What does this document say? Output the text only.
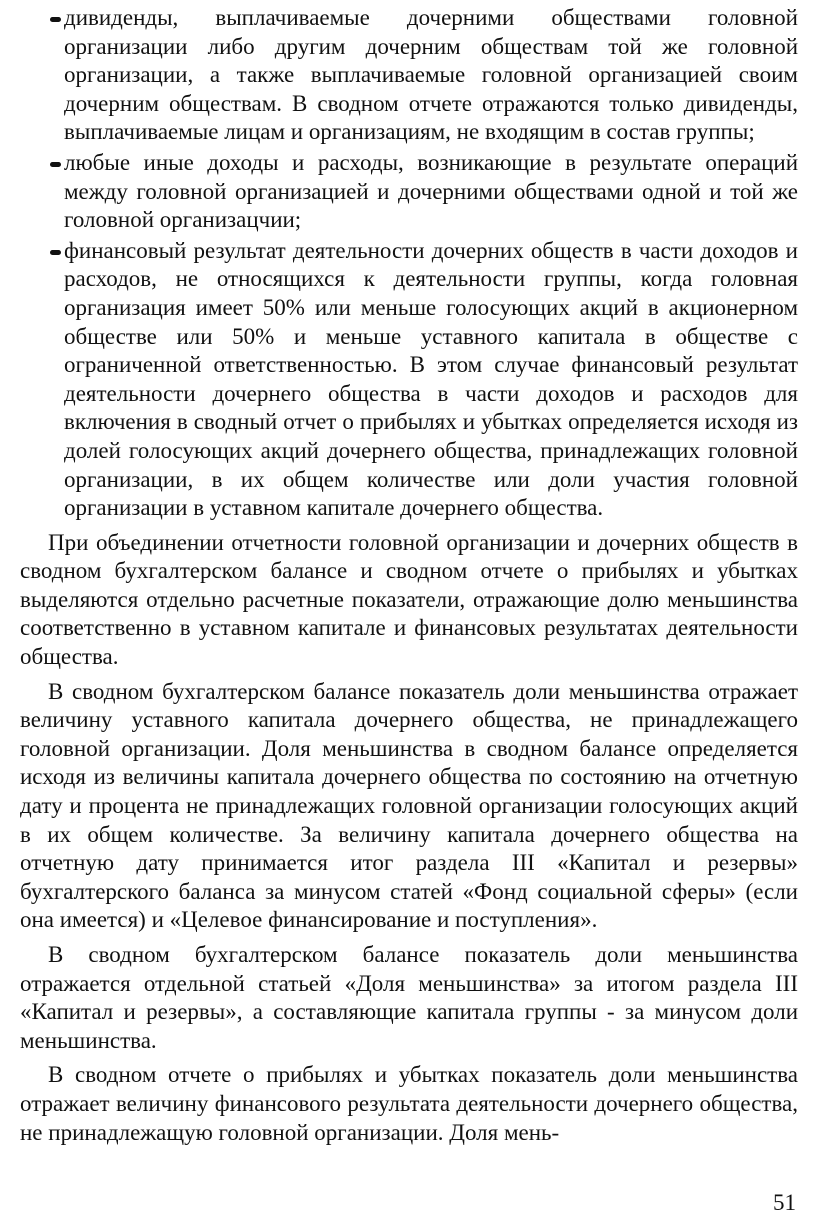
дивиденды, выплачиваемые дочерними обществами головной организации либо другим дочерним обществам той же головной организации, а также выплачиваемые головной организацией своим дочерним обществам. В сводном отчете отражаются только дивиденды, выплачиваемые лицам и организациям, не входящим в состав группы;
любые иные доходы и расходы, возникающие в результате операций между головной организацией и дочерними обществами одной и той же головной организацчии;
финансовый результат деятельности дочерних обществ в части доходов и расходов, не относящихся к деятельности группы, когда головная организация имеет 50% или меньше голосующих акций в акционерном обществе или 50% и меньше уставного капитала в обществе с ограниченной ответственностью. В этом случае финансовый результат деятельности дочернего общества в части доходов и расходов для включения в сводный отчет о прибылях и убытках определяется исходя из долей голосующих акций дочернего общества, принадлежащих головной организации, в их общем количестве или доли участия головной организации в уставном капитале дочернего общества.

При объединении отчетности головной организации и дочерних обществ в сводном бухгалтерском балансе и сводном отчете о прибылях и убытках выделяются отдельно расчетные показатели, отражающие долю меньшинства соответственно в уставном капитале и финансовых результатах деятельности общества.

В сводном бухгалтерском балансе показатель доли меньшинства отражает величину уставного капитала дочернего общества, не принадлежащего головной организации. Доля меньшинства в сводном балансе определяется исходя из величины капитала дочернего общества по состоянию на отчетную дату и процента не принадлежащих головной организации голосующих акций в их общем количестве. За величину капитала дочернего общества на отчетную дату принимается итог раздела III «Капитал и резервы» бухгалтерского баланса за минусом статей «Фонд социальной сферы» (если она имеется) и «Целевое финансирование и поступления».

В сводном бухгалтерском балансе показатель доли меньшинства отражается отдельной статьей «Доля меньшинства» за итогом раздела III «Капитал и резервы», а составляющие капитала группы - за минусом доли меньшинства.

В сводном отчете о прибылях и убытках показатель доли меньшинства отражает величину финансового результата деятельности дочернего общества, не принадлежащую головной организации. Доля мень-

51
